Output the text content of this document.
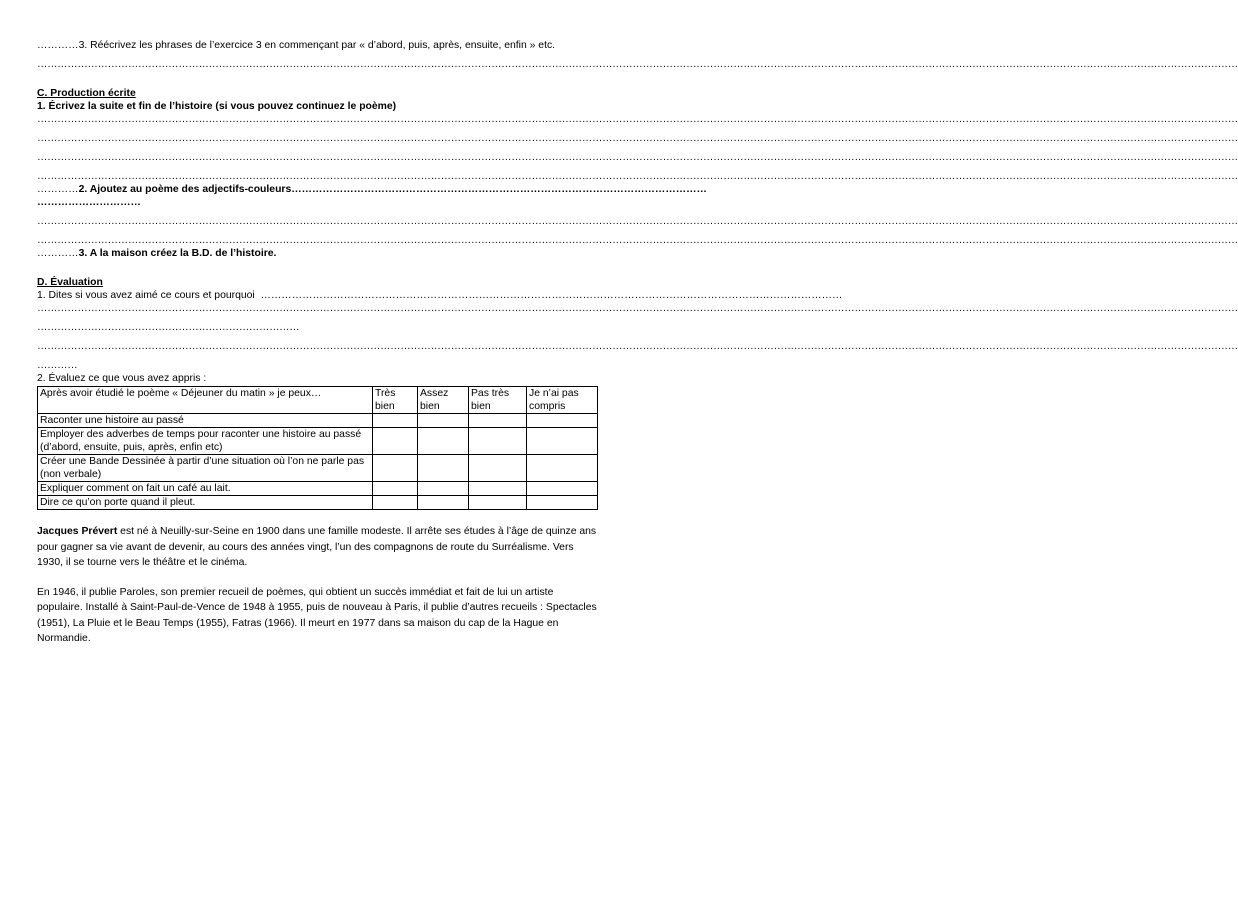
…………3. Réécrivez les phrases de l’exercice 3 en commençant par « d’abord, puis, après, ensuite, enfin » etc.
……………………………………………………………………………………………………………………………………………………………………………………………………………………………………………………………………………………………………………………………
C. Production écrite
1. Écrivez la suite et fin de l’histoire (si vous pouvez continuez le poème)
……………………………………………………………………………………………………………………………………………………………………………………………………………………………………………………………………………………………………………………………
……………………………………………………………………………………………………………………………………………………………………………………………………………………………………………………………………………………………………………………………
……………………………………………………………………………………………………………………………………………………………………………………………………………………………………………………………………………………………………………………………
……………………………………………………………………………………………………………………………………………………………………………………………………………………………………………………………………………………………………………………………
…………2. Ajoutez au poème des adjectifs-couleurs…………………………………………………………………………………………………………
…………………………
……………………………………………………………………………………………………………………………………………………………………………………………………………………………………………………………………………………………………………………………
……………………………………………………………………………………………………………………………………………………………………………………………………………………………………………………………………………………………………………………………
…………3. A la maison créez la B.D. de l’histoire.
D. Évaluation
1. Dites si vous avez aimé ce cours et pourquoi ……………………………………………………………………………………………………………………………………………………
……………………………………………………………………………………………………………………………………………………………………………………………………………………………………………………………………………………………………………………………
……………………………………………………………………
……………………………………………………………………………………………………………………………………………………………………………………………………………………………………………………………………………………………………………………………
…………
2. Évaluez ce que vous avez appris :
Après avoir étudié le poème « Déjeuner du matin » je peux…	Très bien	Assez bien	Pas très bien	Je n’ai pas compris
Raconter une histoire au passé				
Employer des adverbes de temps pour raconter une histoire au passé (d’abord, ensuite, puis, après, enfin etc)				
Créer une Bande Dessinée à partir d’une situation où l’on ne parle pas (non verbale)				
Expliquer comment on fait un café au lait.				
Dire ce qu’on porte quand il pleut.				

Jacques Prévert est né à Neuilly-sur-Seine en 1900 dans une famille modeste. Il arrête ses études à l’âge de quinze ans pour gagner sa vie avant de devenir, au cours des années vingt, l’un des compagnons de route du Surréalisme. Vers 1930, il se tourne vers le théâtre et le cinéma.

En 1946, il publie Paroles, son premier recueil de poèmes, qui obtient un succès immédiat et fait de lui un artiste populaire. Installé à Saint-Paul-de-Vence de 1948 à 1955, puis de nouveau à Paris, il publie d’autres recueils : Spectacles (1951), La Pluie et le Beau Temps (1955), Fatras (1966). Il meurt en 1977 dans sa maison du cap de la Hague en Normandie.
